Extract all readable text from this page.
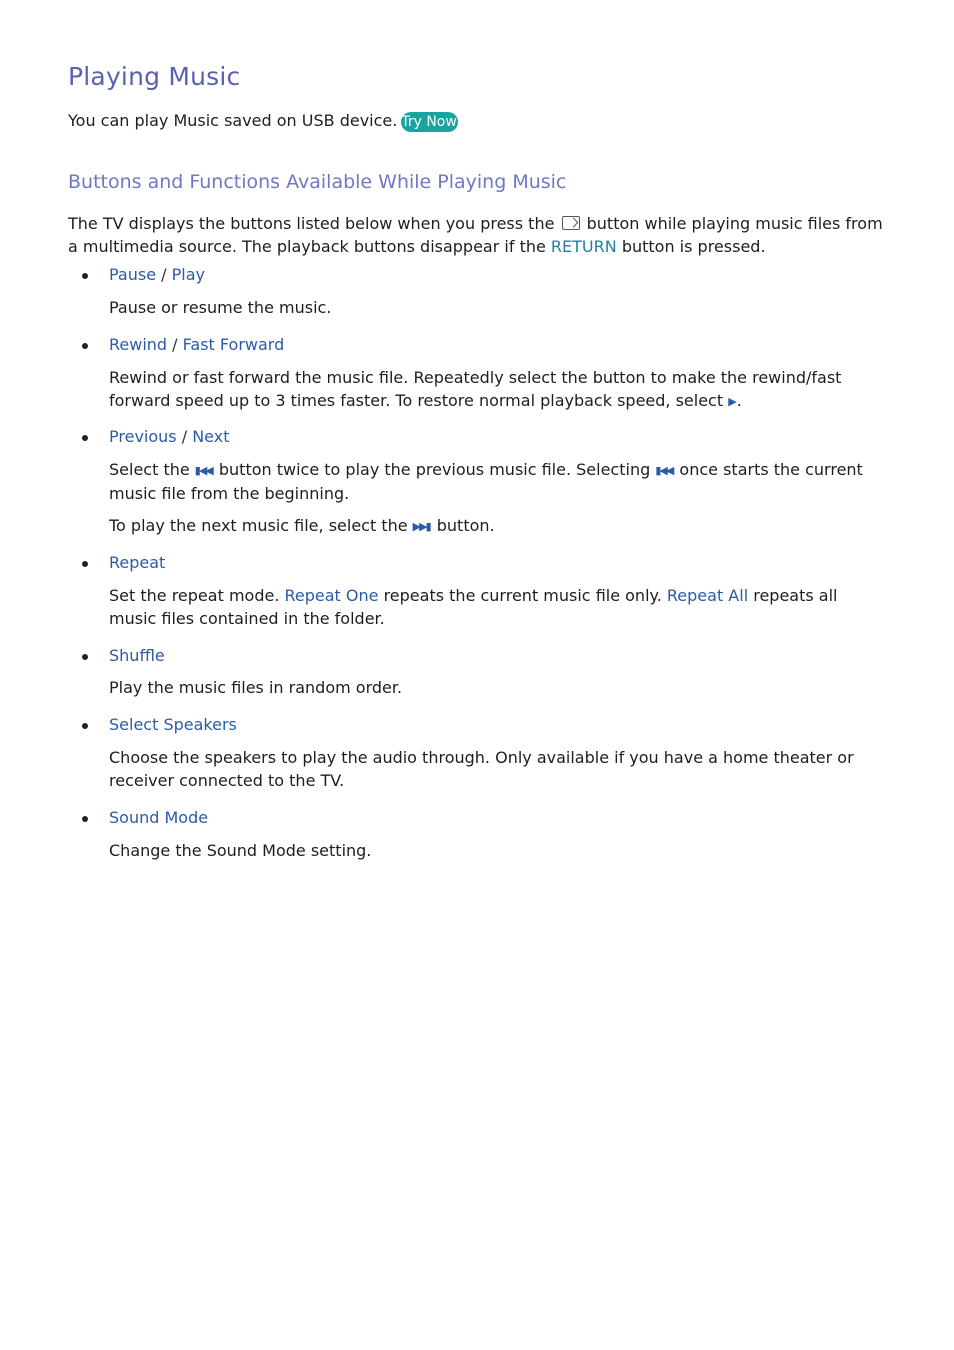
Playing Music
You can play Music saved on USB device. Try Now
Buttons and Functions Available While Playing Music
The TV displays the buttons listed below when you press the button while playing music files from a multimedia source. The playback buttons disappear if the RETURN button is pressed.
Pause / Play
Pause or resume the music.
Rewind / Fast Forward
Rewind or fast forward the music file. Repeatedly select the button to make the rewind/fast forward speed up to 3 times faster. To restore normal playback speed, select ▶ .
Previous / Next
Select the ▮◀◀ button twice to play the previous music file. Selecting ▮◀◀ once starts the current music file from the beginning.
To play the next music file, select the ▶▶▮ button.
Repeat
Set the repeat mode. Repeat One repeats the current music file only. Repeat All repeats all music files contained in the folder.
Shuffle
Play the music files in random order.
Select Speakers
Choose the speakers to play the audio through. Only available if you have a home theater or receiver connected to the TV.
Sound Mode
Change the Sound Mode setting.
